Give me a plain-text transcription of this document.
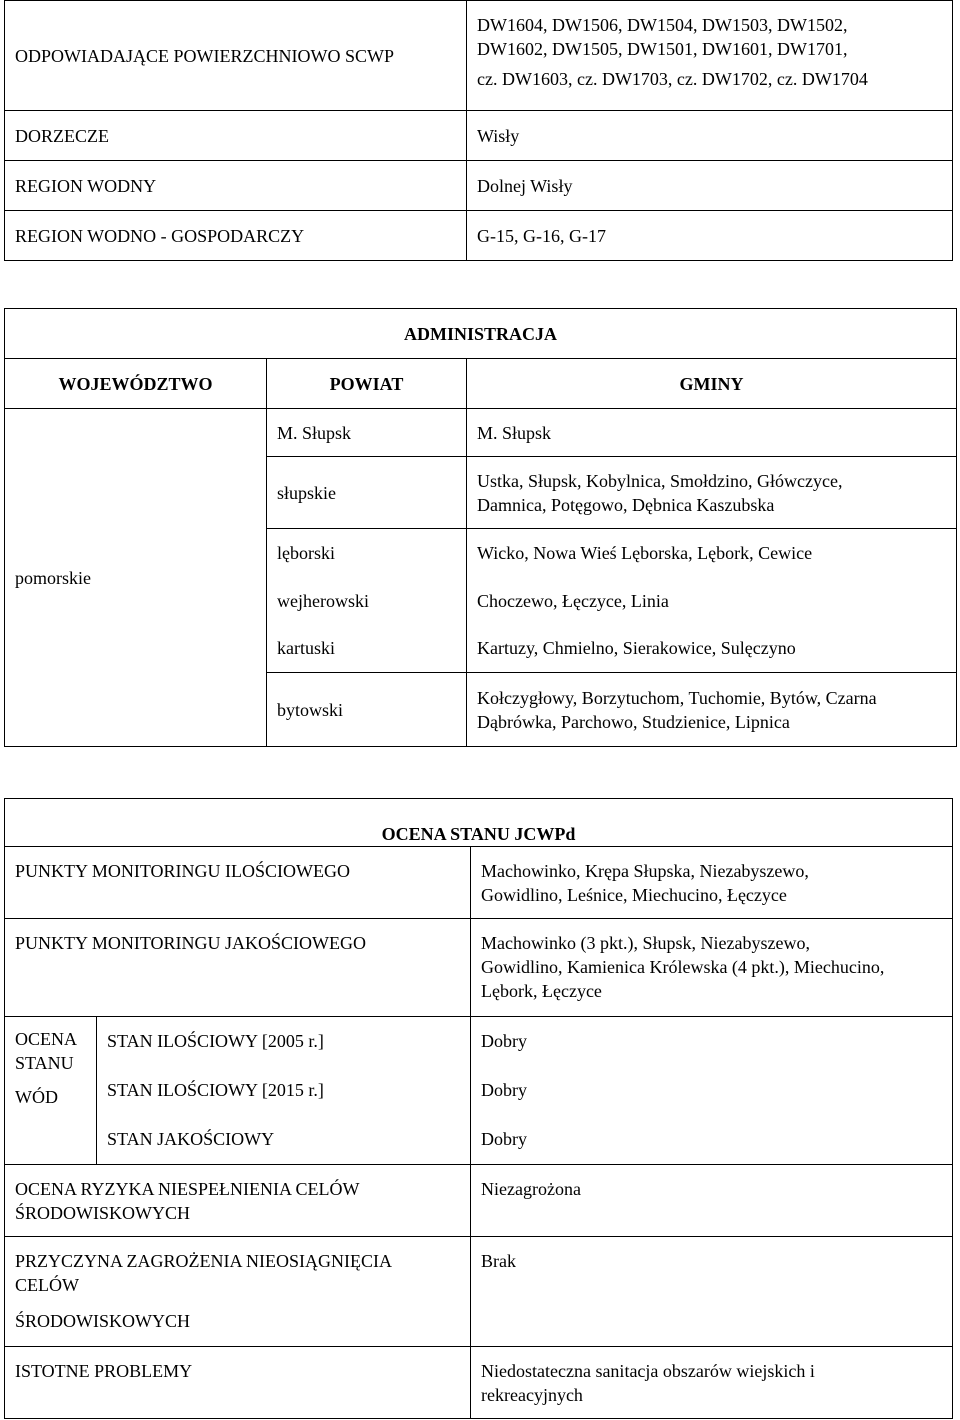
ODPOWIADAJĄCE POWIERZCHNIOWO SCWP	DW1604, DW1506, DW1504, DW1503, DW1502,
DW1602, DW1505, DW1501, DW1601, DW1701,
cz. DW1603, cz. DW1703, cz. DW1702, cz. DW1704

DORZECZE	Wisły
REGION WODNY	Dolnej Wisły
REGION WODNO - GOSPODARCZY	G-15, G-16, G-17
ADMINISTRACJA		
WOJEWÓDZTWO	POWIAT	GMINY
pomorskie	M. Słupsk	M. Słupsk
	słupskie	Ustka, Słupsk, Kobylnica, Smołdzino, Główczyce,
Damnica, Potęgowo, Dębnica Kaszubska

	lęborski	Wicko, Nowa Wieś Lęborska, Lębork, Cewice
	wejherowski	Choczewo, Łęczyce, Linia
	kartuski	Kartuzy, Chmielno, Sierakowice, Sulęczyno
	bytowski	Kołczygłowy, Borzytuchom, Tuchomie, Bytów, Czarna
Dąbrówka, Parchowo, Studzienice, Lipnica
OCENA STANU JCWPd		
PUNKTY MONITORINGU ILOŚCIOWEGO		Machowinko, Krępa Słupska, Niezabyszewo,
Gowidlino, Leśnice, Miechucino, Łęczyce

PUNKTY MONITORINGU JAKOŚCIOWEGO		Machowinko (3 pkt.), Słupsk, Niezabyszewo,
Gowidlino, Kamienica Królewska (4 pkt.), Miechucino,
Lębork, Łęczyce

OCENA
STANU
WÓD	STAN ILOŚCIOWY [2005 r.]	Dobry
	STAN ILOŚCIOWY [2015 r.]	Dobry
	STAN JAKOŚCIOWY	Dobry

OCENA RYZYKA NIESPEŁNIENIA CELÓW
ŚRODOWISKOWYCH		Niezagrożona

PRZYCZYNA ZAGROŻENIA NIEOSIĄGNIĘCIA
CELÓW
ŚRODOWISKOWYCH		Brak
ISTOTNE PROBLEMY		Niedostateczna sanitacja obszarów wiejskich i
rekreacyjnych
